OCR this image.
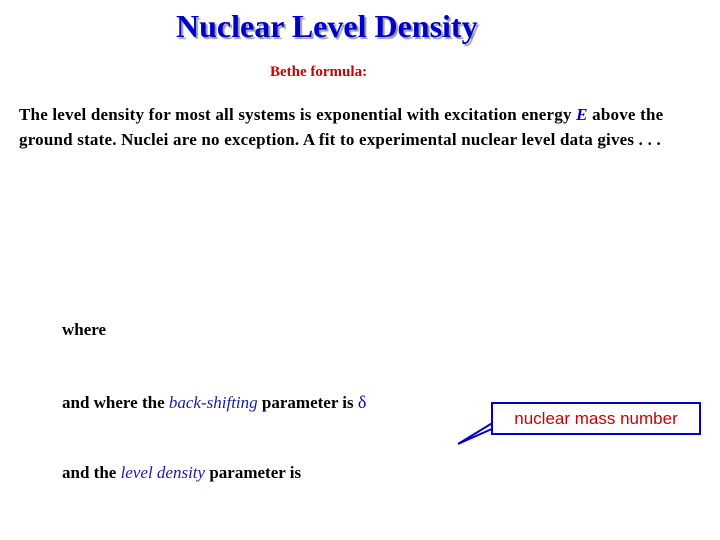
Nuclear Level Density
Bethe formula:
The level density for most all systems is exponential with excitation energy E above the ground state. Nuclei are no exception. A fit to experimental nuclear level data gives . . .
where
and where the back-shifting parameter is δ
and the level density parameter is
nuclear mass number
